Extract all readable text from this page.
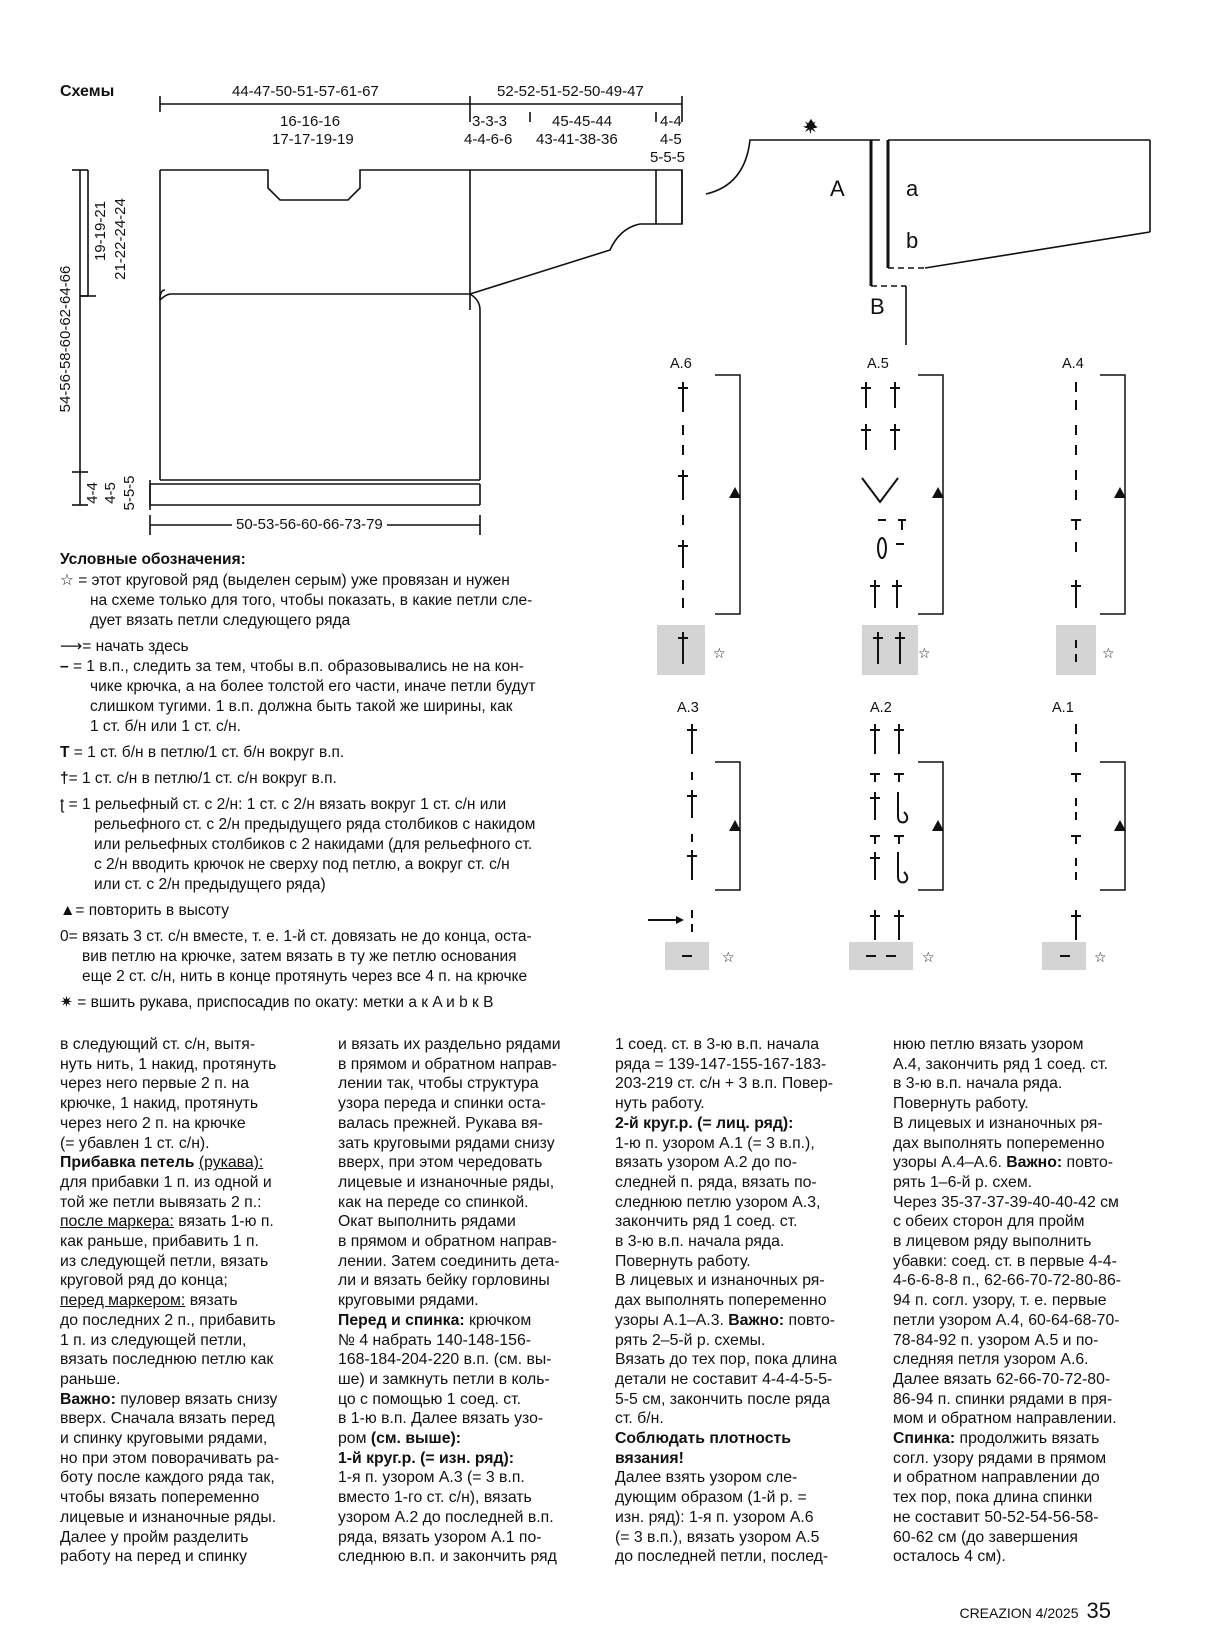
☆	☆	☆
☆	☆	☆
✷
Схемы	44-47-50-51-57-61-67	52-52-51-52-50-49-47
16-16-16
17-17-19-19
3-3-3
4-4-6-6
45-45-44
43-41-38-36
4-4
4-5
5-5-5
54-56-58-60-62-64-66
19-19-21 21-22-24-24
4-4 4-5 5-5-5
50-53-56-60-66-73-79
A	a
b
B
A.6	A.5	A.4
A.3	A.2	A.1
Условные обозначения:
☆ = этот круговой ряд (выделен серым) уже провязан и нужен
на схеме только для того, чтобы показать, в какие петли сле-
дует вязать петли следующего ряда
⟶= начать здесь
– = 1 в.п., следить за тем, чтобы в.п. образовывались не на кон-
чике крючка, а на более толстой его части, иначе петли будут
слишком тугими. 1 в.п. должна быть такой же ширины, как
1 ст. б/н или 1 ст. с/н.
T = 1 ст. б/н в петлю/1 ст. б/н вокруг в.п.
†= 1 ст. с/н в петлю/1 ст. с/н вокруг в.п.
ʈ = 1 рельефный ст. с 2/н: 1 ст. с 2/н вязать вокруг 1 ст. с/н или
рельефного ст. с 2/н предыдущего ряда столбиков с накидом
или рельефных столбиков с 2 накидами (для рельефного ст.
с 2/н вводить крючок не сверху под петлю, а вокруг ст. с/н
или ст. с 2/н предыдущего ряда)
▲= повторить в высоту
0= вязать 3 ст. с/н вместе, т. е. 1-й ст. довязать не до конца, оста-
вив петлю на крючке, затем вязать в ту же петлю основания
еще 2 ст. с/н, нить в конце протянуть через все 4 п. на крючке
✷ = вшить рукава, приспосадив по окату: метки a к A и b к B

в следующий ст. с/н, вытя-

нуть нить, 1 накид, протянуть

через него первые 2 п. на

крючке, 1 накид, протянуть

через него 2 п. на крючке

(= убавлен 1 ст. с/н).

Прибавка петель (рукава):

для прибавки 1 п. из одной и

той же петли вывязать 2 п.:

после маркера: вязать 1-ю п.

как раньше, прибавить 1 п.

из следующей петли, вязать

круговой ряд до конца;

перед маркером: вязать

до последних 2 п., прибавить

1 п. из следующей петли,

вязать последнюю петлю как

раньше.

Важно: пуловер вязать снизу

вверх. Сначала вязать перед

и спинку круговыми рядами,

но при этом поворачивать ра-

боту после каждого ряда так,

чтобы вязать попеременно

лицевые и изнаночные ряды.

Далее у пройм разделить

работу на перед и спинку

и вязать их раздельно рядами

в прямом и обратном направ-

лении так, чтобы структура

узора переда и спинки оста-

валась прежней. Рукава вя-

зать круговыми рядами снизу

вверх, при этом чередовать

лицевые и изнаночные ряды,

как на переде со спинкой.

Окат выполнить рядами

в прямом и обратном направ-

лении. Затем соединить дета-

ли и вязать бейку горловины

круговыми рядами.

Перед и спинка: крючком

№ 4 набрать 140-148-156-

168-184-204-220 в.п. (см. вы-

ше) и замкнуть петли в коль-

цо с помощью 1 соед. ст.

в 1-ю в.п. Далее вязать узо-

ром (см. выше):

1-й круг.р. (= изн. ряд):

1-я п. узором А.3 (= 3 в.п.

вместо 1-го ст. с/н), вязать

узором А.2 до последней в.п.

ряда, вязать узором А.1 по-

следнюю в.п. и закончить ряд

1 соед. ст. в 3-ю в.п. начала

ряда = 139-147-155-167-183-

203-219 ст. с/н + 3 в.п. Повер-

нуть работу.

2-й круг.р. (= лиц. ряд):

1-ю п. узором А.1 (= 3 в.п.),

вязать узором А.2 до по-

следней п. ряда, вязать по-

следнюю петлю узором А.3,

закончить ряд 1 соед. ст.

в 3-ю в.п. начала ряда.

Повернуть работу.

В лицевых и изнаночных ря-

дах выполнять попеременно

узоры А.1–А.3. Важно: повто-

рять 2–5-й р. схемы.

Вязать до тех пор, пока длина

детали не составит 4-4-4-5-5-

5-5 см, закончить после ряда

ст. б/н.

Соблюдать плотность

вязания!

Далее взять узором сле-

дующим образом (1-й р. =

изн. ряд): 1-я п. узором А.6

(= 3 в.п.), вязать узором А.5

до последней петли, послед-

нюю петлю вязать узором

А.4, закончить ряд 1 соед. ст.

в 3-ю в.п. начала ряда.

Повернуть работу.

В лицевых и изнаночных ря-

дах выполнять попеременно

узоры А.4–А.6. Важно: повто-

рять 1–6-й р. схем.

Через 35-37-37-39-40-40-42 см

с обеих сторон для пройм

в лицевом ряду выполнить

убавки: соед. ст. в первые 4-4-

4-6-6-8-8 п., 62-66-70-72-80-86-

94 п. согл. узору, т. е. первые

петли узором А.4, 60-64-68-70-

78-84-92 п. узором А.5 и по-

следняя петля узором А.6.

Далее вязать 62-66-70-72-80-

86-94 п. спинки рядами в пря-

мом и обратном направлении.

Спинка: продолжить вязать

согл. узору рядами в прямом

и обратном направлении до

тех пор, пока длина спинки

не составит 50-52-54-56-58-

60-62 см (до завершения

осталось 4 см).

CREAZION 4/2025 35
